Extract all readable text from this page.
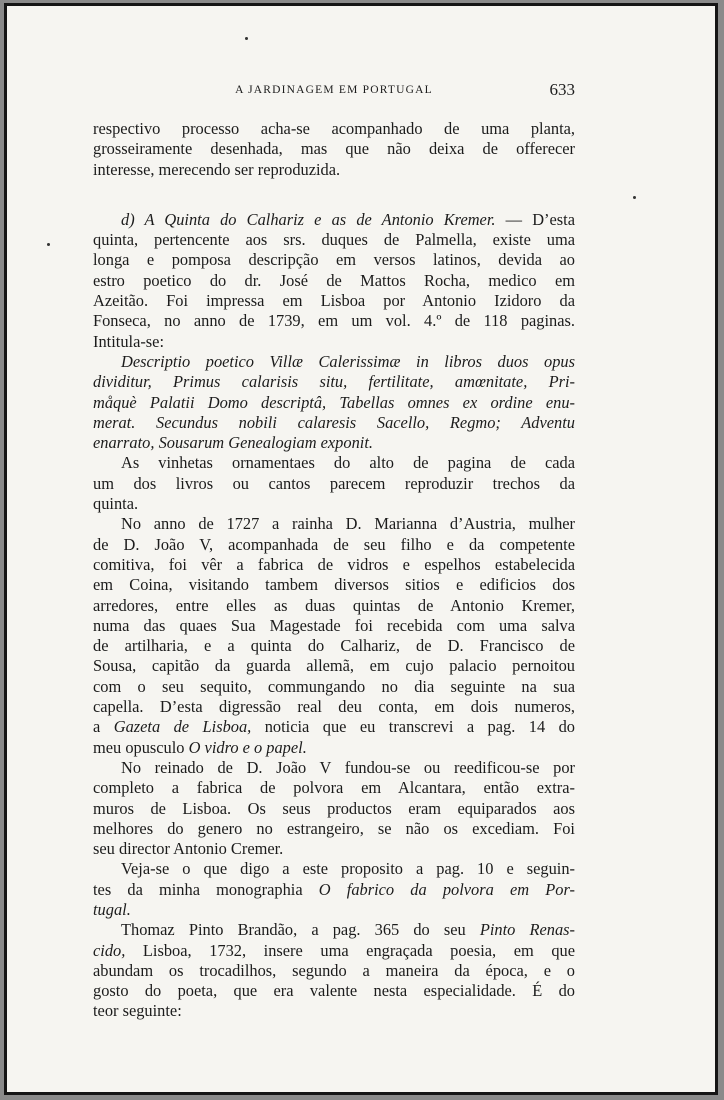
A JARDINAGEM EM PORTUGAL	633
respectivo processo acha-se acompanhado de uma planta,
grosseiramente desenhada, mas que não deixa de offerecer
interesse, merecendo ser reproduzida.
d) A Quinta do Calhariz e as de Antonio Kremer. — D’esta
quinta, pertencente aos srs. duques de Palmella, existe uma
longa e pomposa descripção em versos latinos, devida ao
estro poetico do dr. José de Mattos Rocha, medico em
Azeitão. Foi impressa em Lisboa por Antonio Izidoro da
Fonseca, no anno de 1739, em um vol. 4.º de 118 paginas.
Intitula-se:
Descriptio poetico Villæ Calerissimæ in libros duos opus
dividitur, Primus calarisis situ, fertilitate, amœnitate, Pri-
måquè Palatii Domo descriptâ, Tabellas omnes ex ordine enu-
merat. Secundus nobili calaresis Sacello, Regmo; Adventu
enarrato, Sousarum Genealogiam exponit.
As vinhetas ornamentaes do alto de pagina de cada
um dos livros ou cantos parecem reproduzir trechos da
quinta.
No anno de 1727 a rainha D. Marianna d’Austria, mulher
de D. João V, acompanhada de seu filho e da competente
comitiva, foi vêr a fabrica de vidros e espelhos estabelecida
em Coina, visitando tambem diversos sitios e edificios dos
arredores, entre elles as duas quintas de Antonio Kremer,
numa das quaes Sua Magestade foi recebida com uma salva
de artilharia, e a quinta do Calhariz, de D. Francisco de
Sousa, capitão da guarda allemã, em cujo palacio pernoitou
com o seu sequito, commungando no dia seguinte na sua
capella. D’esta digressão real deu conta, em dois numeros,
a Gazeta de Lisboa, noticia que eu transcrevi a pag. 14 do
meu opusculo O vidro e o papel.
No reinado de D. João V fundou-se ou reedificou-se por
completo a fabrica de polvora em Alcantara, então extra-
muros de Lisboa. Os seus productos eram equiparados aos
melhores do genero no estrangeiro, se não os excediam. Foi
seu director Antonio Cremer.
Veja-se o que digo a este proposito a pag. 10 e seguin-
tes da minha monographia O fabrico da polvora em Por-
tugal.
Thomaz Pinto Brandão, a pag. 365 do seu Pinto Renas-
cido, Lisboa, 1732, insere uma engraçada poesia, em que
abundam os trocadilhos, segundo a maneira da época, e o
gosto do poeta, que era valente nesta especialidade. É do
teor seguinte:
